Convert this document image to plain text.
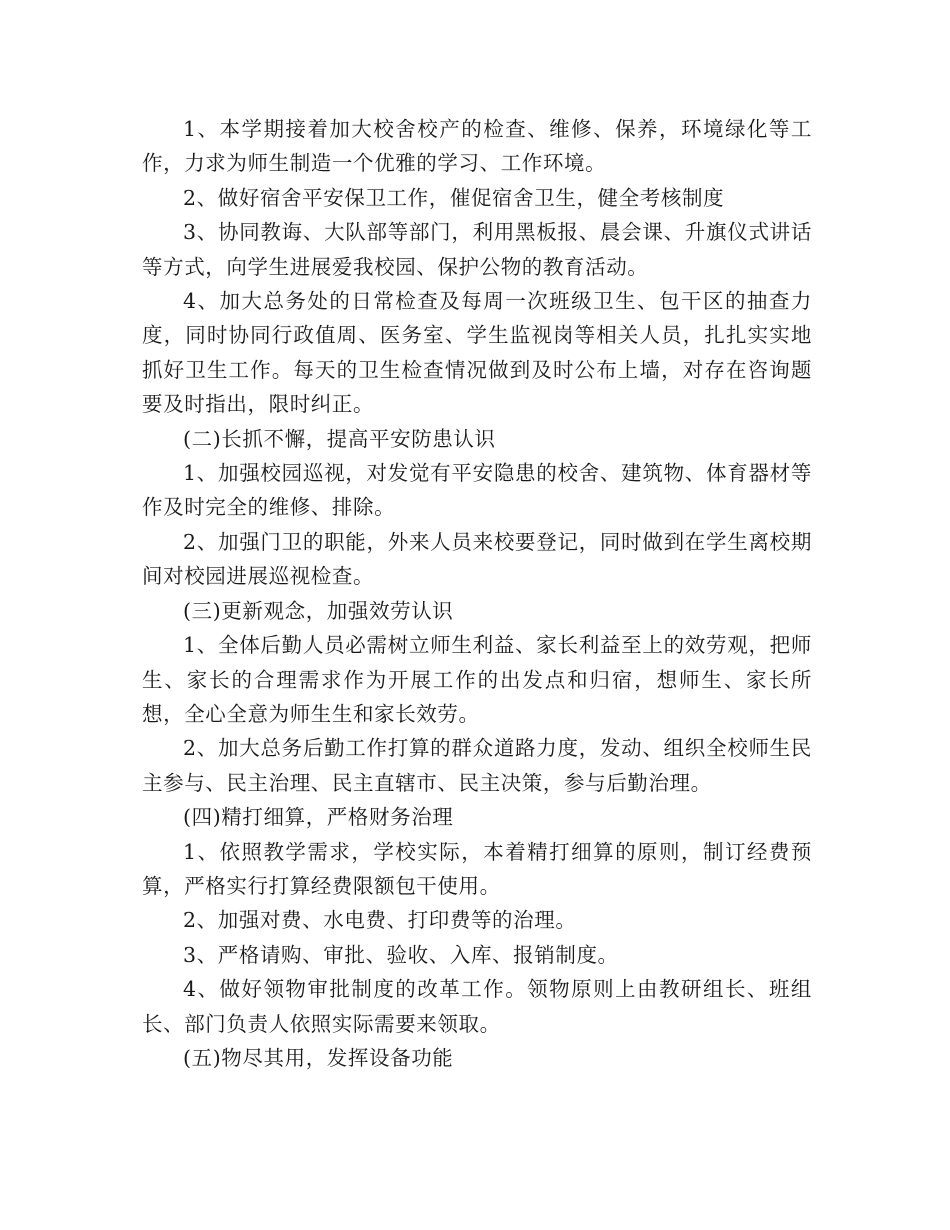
1、本学期接着加大校舍校产的检查、维修、保养，环境绿化等工作，力求为师生制造一个优雅的学习、工作环境。

2、做好宿舍平安保卫工作，催促宿舍卫生，健全考核制度

3、协同教诲、大队部等部门，利用黑板报、晨会课、升旗仪式讲话等方式，向学生进展爱我校园、保护公物的教育活动。

4、加大总务处的日常检查及每周一次班级卫生、包干区的抽查力度，同时协同行政值周、医务室、学生监视岗等相关人员，扎扎实实地抓好卫生工作。每天的卫生检查情况做到及时公布上墙，对存在咨询题要及时指出，限时纠正。

(二)长抓不懈，提高平安防患认识

1、加强校园巡视，对发觉有平安隐患的校舍、建筑物、体育器材等作及时完全的维修、排除。

2、加强门卫的职能，外来人员来校要登记，同时做到在学生离校期间对校园进展巡视检查。

(三)更新观念，加强效劳认识

1、全体后勤人员必需树立师生利益、家长利益至上的效劳观，把师生、家长的合理需求作为开展工作的出发点和归宿，想师生、家长所想，全心全意为师生生和家长效劳。

2、加大总务后勤工作打算的群众道路力度，发动、组织全校师生民主参与、民主治理、民主直辖市、民主决策，参与后勤治理。

(四)精打细算，严格财务治理

1、依照教学需求，学校实际，本着精打细算的原则，制订经费预算，严格实行打算经费限额包干使用。

2、加强对费、水电费、打印费等的治理。

3、严格请购、审批、验收、入库、报销制度。

4、做好领物审批制度的改革工作。领物原则上由教研组长、班组长、部门负责人依照实际需要来领取。

(五)物尽其用，发挥设备功能
